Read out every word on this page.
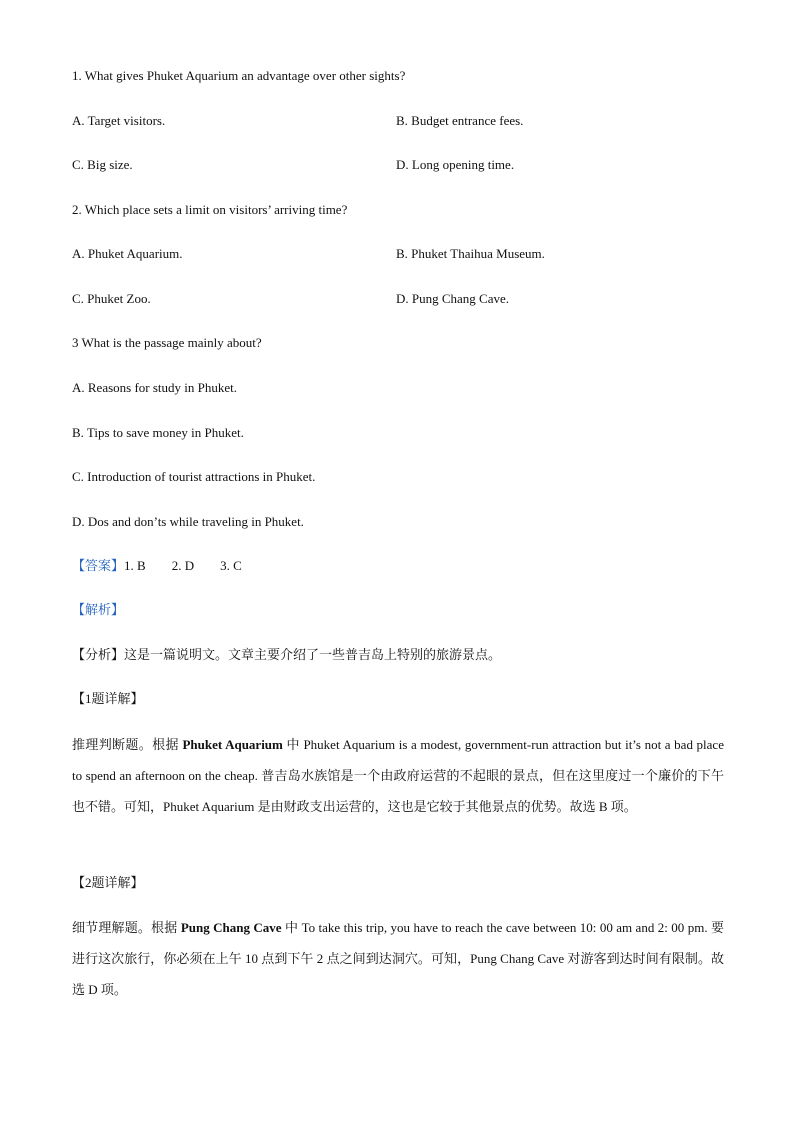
1. What gives Phuket Aquarium an advantage over other sights?
A. Target visitors.	B. Budget entrance fees.
C. Big size.	D. Long opening time.
2. Which place sets a limit on visitors’ arriving time?
A. Phuket Aquarium.	B. Phuket Thaihua Museum.
C. Phuket Zoo.	D. Pung Chang Cave.
3 What is the passage mainly about?
A. Reasons for study in Phuket.
B. Tips to save money in Phuket.
C. Introduction of tourist attractions in Phuket.
D. Dos and don’ts while traveling in Phuket.
【答案】1. B 2. D 3. C
【解析】
【分析】这是一篇说明文。文章主要介绍了一些普吉岛上特别的旅游景点。
【1题详解】
推理判断题。根据 Phuket Aquarium 中 Phuket Aquarium is a modest, government-run attraction but it’s not a bad place to spend an afternoon on the cheap. 普吉岛水族馆是一个由政府运营的不起眼的景点，但在这里度过一个廉价的下午也不错。可知，Phuket Aquarium 是由财政支出运营的，这也是它较于其他景点的优势。故选 B 项。
【2题详解】
细节理解题。根据 Pung Chang Cave 中 To take this trip, you have to reach the cave between 10: 00 am and 2: 00 pm. 要进行这次旅行，你必须在上午 10 点到下午 2 点之间到达洞穴。可知，Pung Chang Cave 对游客到达时间有限制。故选 D 项。
